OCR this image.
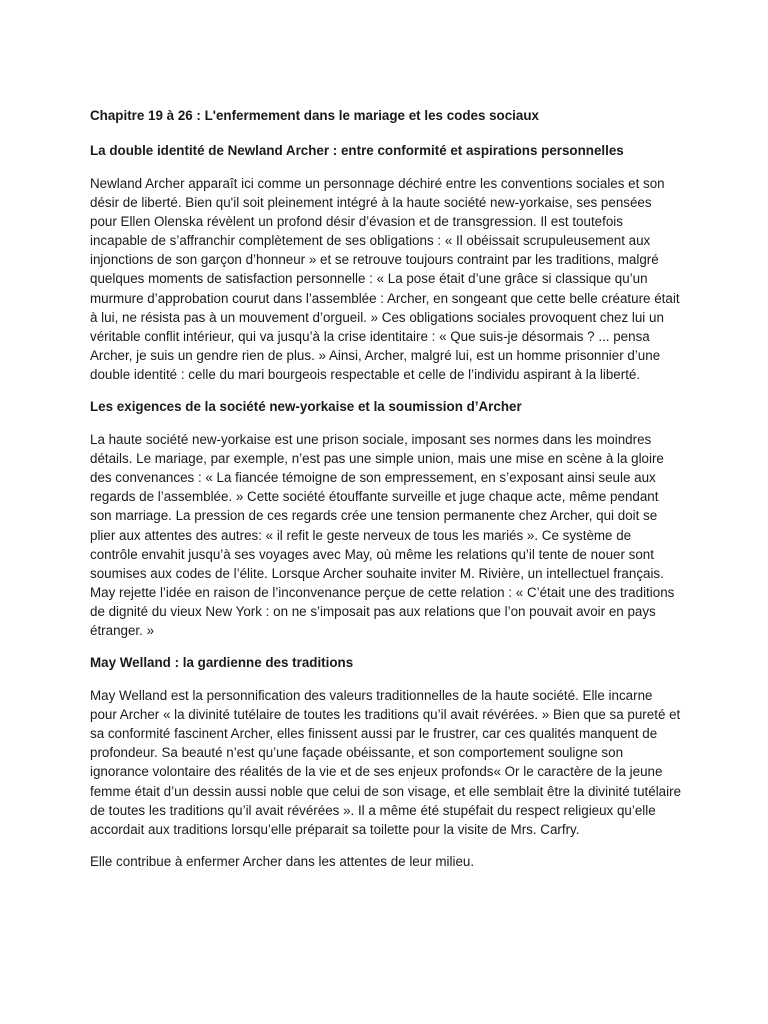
Chapitre 19 à 26 : L'enfermement dans le mariage et les codes sociaux
La double identité de Newland Archer : entre conformité et aspirations personnelles

Newland Archer apparaît ici comme un personnage déchiré entre les conventions sociales et son désir de liberté. Bien qu'il soit pleinement intégré à la haute société new-yorkaise, ses pensées pour Ellen Olenska révèlent un profond désir d’évasion et de transgression. Il est toutefois incapable de s’affranchir complètement de ses obligations : « Il obéissait scrupuleusement aux injonctions de son garçon d’honneur » et se retrouve toujours contraint par les traditions, malgré quelques moments de satisfaction personnelle : « La pose était d’une grâce si classique qu’un murmure d’approbation courut dans l’assemblée : Archer, en songeant que cette belle créature était à lui, ne résista pas à un mouvement d’orgueil. » Ces obligations sociales provoquent chez lui un véritable conflit intérieur, qui va jusqu’à la crise identitaire : « Que suis-je désormais ? ... pensa Archer, je suis un gendre rien de plus. » Ainsi, Archer, malgré lui, est un homme prisonnier d’une double identité : celle du mari bourgeois respectable et celle de l’individu aspirant à la liberté.

Les exigences de la société new-yorkaise et la soumission d’Archer

La haute société new-yorkaise est une prison sociale, imposant ses normes dans les moindres détails. Le mariage, par exemple, n’est pas une simple union, mais une mise en scène à la gloire des convenances : « La fiancée témoigne de son empressement, en s’exposant ainsi seule aux regards de l’assemblée. » Cette société étouffante surveille et juge chaque acte, même pendant son marriage. La pression de ces regards crée une tension permanente chez Archer, qui doit se plier aux attentes des autres: « il refit le geste nerveux de tous les mariés ». Ce système de contrôle envahit jusqu’à ses voyages avec May, où même les relations qu’il tente de nouer sont soumises aux codes de l’élite. Lorsque Archer souhaite inviter M. Rivière, un intellectuel français. May rejette l’idée en raison de l’inconvenance perçue de cette relation : « C’était une des traditions de dignité du vieux New York : on ne s’imposait pas aux relations que l’on pouvait avoir en pays étranger. »

May Welland : la gardienne des traditions

May Welland est la personnification des valeurs traditionnelles de la haute société. Elle incarne pour Archer « la divinité tutélaire de toutes les traditions qu’il avait révérées. » Bien que sa pureté et sa conformité fascinent Archer, elles finissent aussi par le frustrer, car ces qualités manquent de profondeur. Sa beauté n’est qu’une façade obéissante, et son comportement souligne son ignorance volontaire des réalités de la vie et de ses enjeux profonds« Or le caractère de la jeune femme était d’un dessin aussi noble que celui de son visage, et elle semblait être la divinité tutélaire de toutes les traditions qu’il avait révérées ». Il a même été stupéfait du respect religieux qu’elle accordait aux traditions lorsqu’elle préparait sa toilette pour la visite de Mrs. Carfry.

Elle contribue à enfermer Archer dans les attentes de leur milieu.
